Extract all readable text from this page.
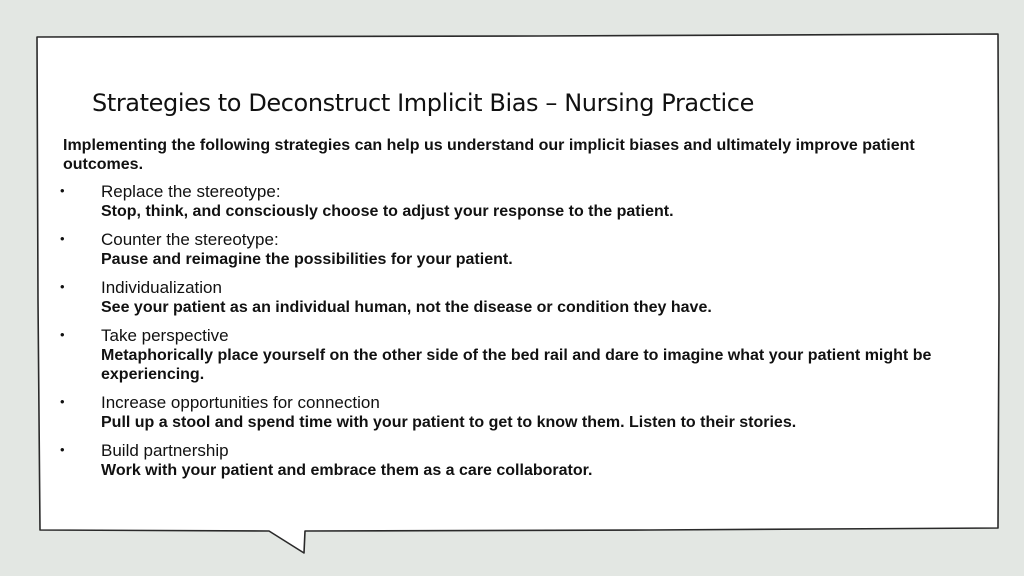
Strategies to Deconstruct Implicit Bias – Nursing Practice

Implementing the following strategies can help us understand our implicit biases and ultimately improve patient outcomes.

• Replace the stereotype:
Stop, think, and consciously choose to adjust your response to the patient.
• Counter the stereotype:
Pause and reimagine the possibilities for your patient.
• Individualization
See your patient as an individual human, not the disease or condition they have.
• Take perspective
Metaphorically place yourself on the other side of the bed rail and dare to imagine what your patient might be experiencing.
• Increase opportunities for connection
Pull up a stool and spend time with your patient to get to know them. Listen to their stories.
• Build partnership
Work with your patient and embrace them as a care collaborator.
